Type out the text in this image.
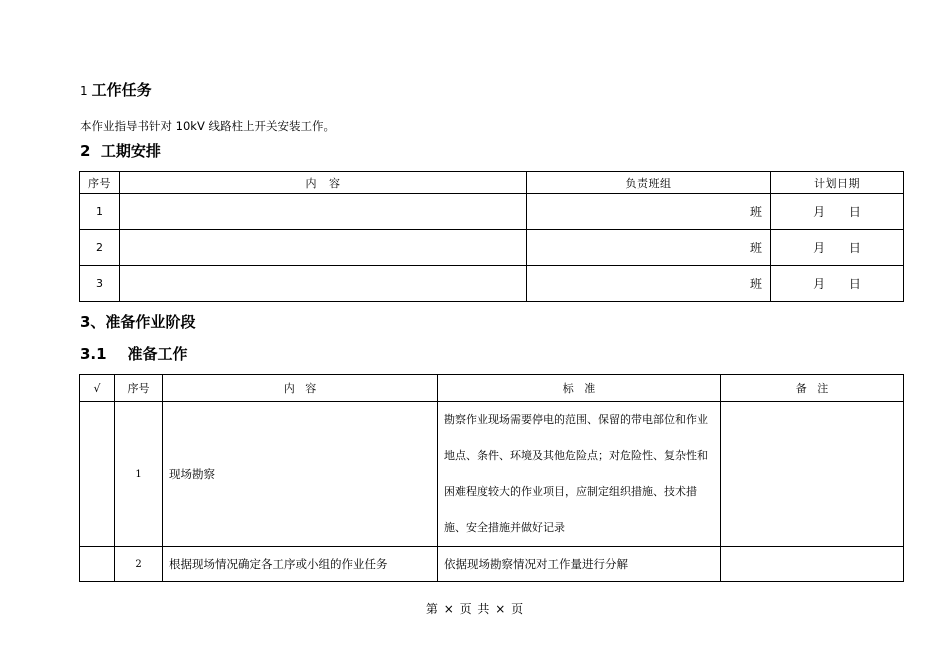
1 工作任务
本作业指导书针对 10kV 线路柱上开关安装工作。
2  工期安排
序号	内   容	负责班组	计划日期
1		班	月 日
2		班	月 日
3		班	月 日
3、准备作业阶段
3.1    准备工作
√	序号	内   容	标   准	备   注
	1	现场勘察	勘察作业现场需要停电的范围、保留的带电部位和作业地点、条件、环境及其他危险点；对危险性、复杂性和困难程度较大的作业项目，应制定组织措施、技术措施、安全措施并做好记录	
	2	根据现场情况确定各工序或小组的作业任务	依据现场勘察情况对工作量进行分解	
第 × 页 共 × 页
